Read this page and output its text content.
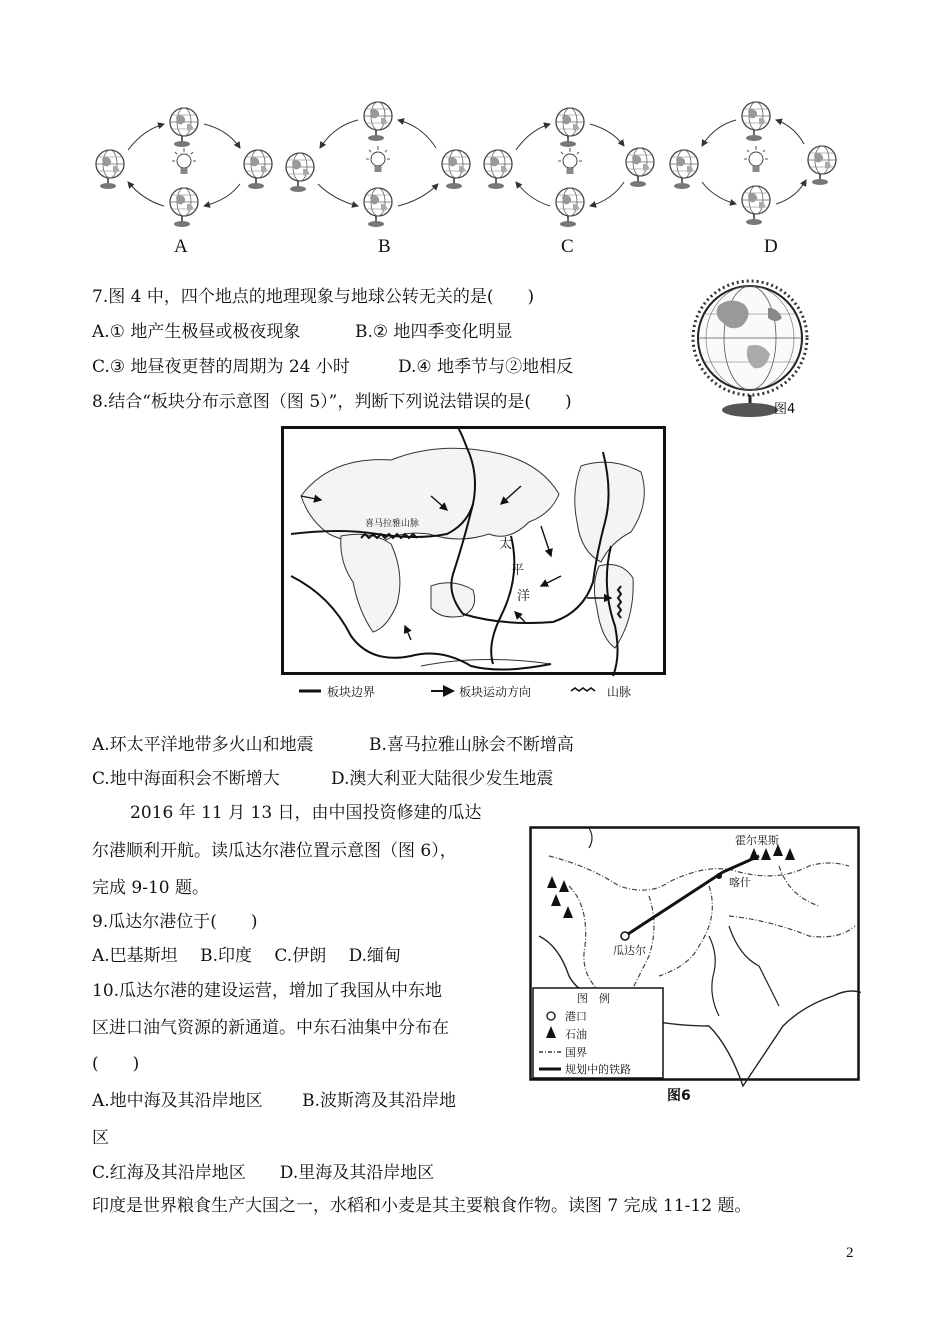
A	B	C	D
7.图 4 中，四个地点的地理现象与地球公转无关的是(　　)
A.① 地产生极昼或极夜现象	B.② 地四季变化明显
C.③ 地昼夜更替的周期为 24 小时	D.④ 地季节与②地相反
图4
8.结合“板块分布示意图（图 5）”，判断下列说法错误的是(　　)
喜马拉雅山脉
太
平
洋
板块边界	板块运动方向	山脉
A.环太平洋地带多火山和地震	B.喜马拉雅山脉会不断增高
C.地中海面积会不断增大	D.澳大利亚大陆很少发生地震
2016 年 11 月 13 日，由中国投资修建的瓜达
尔港顺利开航。读瓜达尔港位置示意图（图 6），
完成 9-10 题。
9.瓜达尔港位于(　　)
A.巴基斯坦　 B.印度　 C.伊朗　 D.缅甸
10.瓜达尔港的建设运营，增加了我国从中东地
区进口油气资源的新通道。中东石油集中分布在
(　　)
A.地中海及其沿岸地区　　 B.波斯湾及其沿岸地
区
C.红海及其沿岸地区　　D.里海及其沿岸地区
霍尔果斯
喀什
瓜达尔
图　例
港口
石油
国界
规划中的铁路
图6
印度是世界粮食生产大国之一，水稻和小麦是其主要粮食作物。读图 7 完成 11-12 题。
2
